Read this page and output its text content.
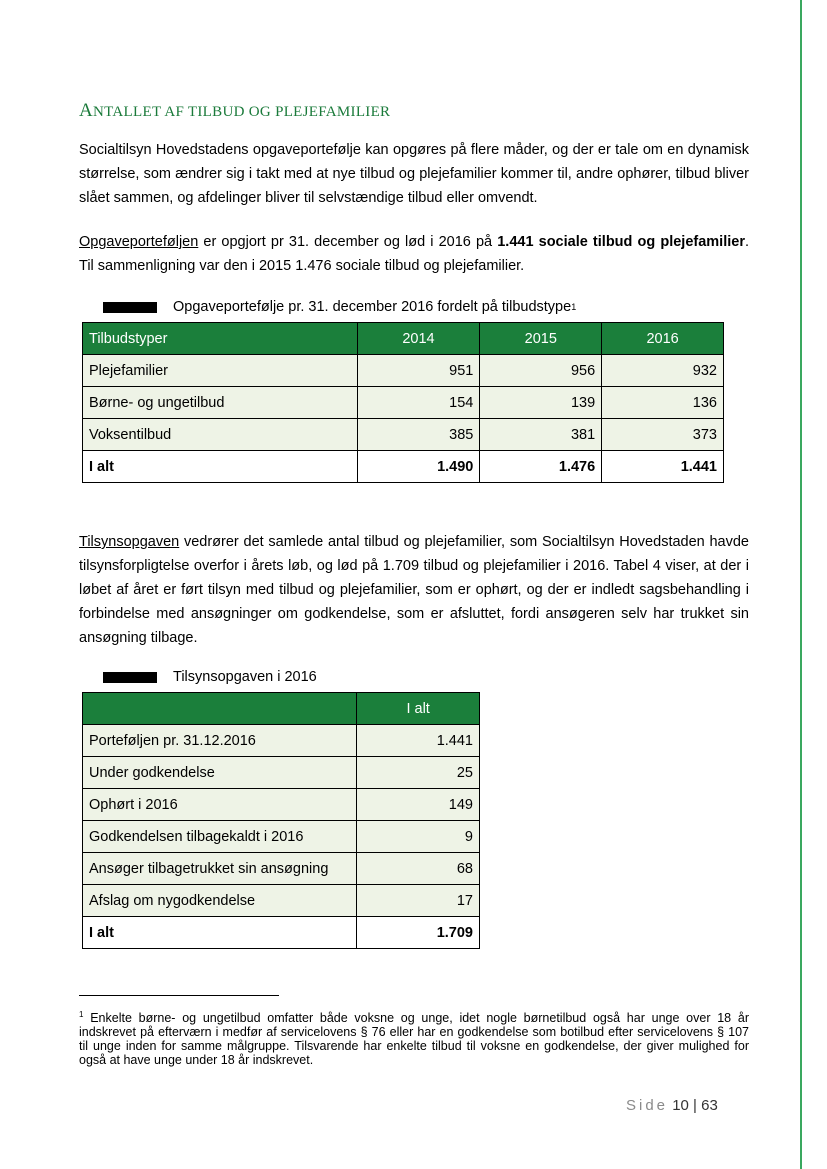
ANTALLET AF TILBUD OG PLEJEFAMILIER

Socialtilsyn Hovedstadens opgaveportefølje kan opgøres på flere måder, og der er tale om en dynamisk størrelse, som ændrer sig i takt med at nye tilbud og plejefamilier kommer til, andre ophører, tilbud bliver slået sammen, og afdelinger bliver til selvstændige tilbud eller omvendt.

Opgaveporteføljen er opgjort pr 31. december og lød i 2016 på 1.441 sociale tilbud og plejefamilier. Til sammenligning var den i 2015 1.476 sociale tilbud og plejefamilier.

Opgaveportefølje pr. 31. december 2016 fordelt på tilbudstype 1
Tilbudstyper	2014	2015	2016
Plejefamilier	951	956	932
Børne- og ungetilbud	154	139	136
Voksentilbud	385	381	373
I alt	1.490	1.476	1.441

Tilsynsopgaven vedrører det samlede antal tilbud og plejefamilier, som Socialtilsyn Hovedstaden havde tilsynsforpligtelse overfor i årets løb, og lød på 1.709 tilbud og plejefamilier i 2016. Tabel 4 viser, at der i løbet af året er ført tilsyn med tilbud og plejefamilier, som er ophørt, og der er indledt sagsbehandling i forbindelse med ansøgninger om godkendelse, som er afsluttet, fordi ansøgeren selv har trukket sin ansøgning tilbage.

Tilsynsopgaven i 2016
	I alt
Porteføljen pr. 31.12.2016	1.441
Under godkendelse	25
Ophørt i 2016	149
Godkendelsen tilbagekaldt i 2016	9
Ansøger tilbagetrukket sin ansøgning	68
Afslag om nygodkendelse	17
I alt	1.709

$^1$ Enkelte børne- og ungetilbud omfatter både voksne og unge, idet nogle børnetilbud også har unge over 18 år indskrevet på efterværn i medfør af servicelovens § 76 eller har en godkendelse som botilbud efter servicelovens § 107 til unge inden for samme målgruppe. Tilsvarende har enkelte tilbud til voksne en godkendelse, der giver mulighed for også at have unge under 18 år indskrevet.

Side 10 | 63
